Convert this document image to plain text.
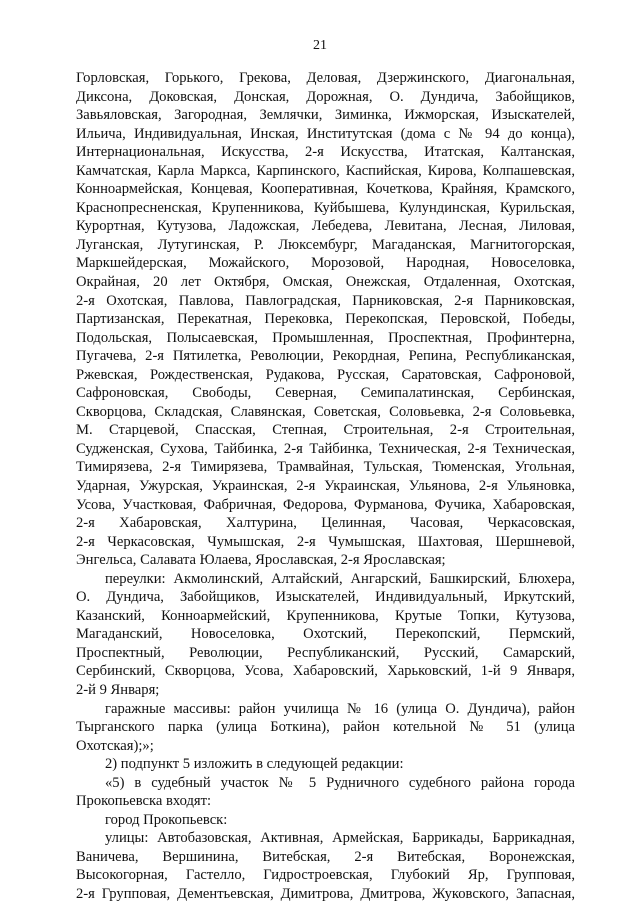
21
Горловская, Горького, Грекова, Деловая, Дзержинского, Диагональная,
Диксона, Доковская, Донская, Дорожная, О. Дундича, Забойщиков,
Завьяловская, Загородная, Землячки, Зиминка, Ижморская, Изыскателей,
Ильича, Индивидуальная, Инская, Институтская (дома с № 94 до конца),
Интернациональная, Искусства, 2-я Искусства, Итатская, Калтанская,
Камчатская, Карла Маркса, Карпинского, Каспийская, Кирова, Колпашевская,
Конноармейская, Концевая, Кооперативная, Кочеткова, Крайняя, Крамского,
Краснопресненская, Крупенникова, Куйбышева, Кулундинская, Курильская,
Курортная, Кутузова, Ладожская, Лебедева, Левитана, Лесная, Лиловая,
Луганская, Лутугинская, Р. Люксембург, Магаданская, Магнитогорская,
Маркшейдерская, Можайского, Морозовой, Народная, Новоселовка,
Окрайная, 20 лет Октября, Омская, Онежская, Отдаленная, Охотская,
2-я Охотская, Павлова, Павлоградская, Парниковская, 2-я Парниковская,
Партизанская, Перекатная, Перековка, Перекопская, Перовской, Победы,
Подольская, Полысаевская, Промышленная, Проспектная, Профинтерна,
Пугачева, 2-я Пятилетка, Революции, Рекордная, Репина, Республиканская,
Ржевская, Рождественская, Рудакова, Русская, Саратовская, Сафроновой,
Сафроновская, Свободы, Северная, Семипалатинская, Сербинская,
Скворцова, Складская, Славянская, Советская, Соловьевка, 2-я Соловьевка,
М. Старцевой, Спасская, Степная, Строительная, 2-я Строительная,
Судженская, Сухова, Тайбинка, 2-я Тайбинка, Техническая, 2-я Техническая,
Тимирязева, 2-я Тимирязева, Трамвайная, Тульская, Тюменская, Угольная,
Ударная, Ужурская, Украинская, 2-я Украинская, Ульянова, 2-я Ульяновка,
Усова, Участковая, Фабричная, Федорова, Фурманова, Фучика, Хабаровская,
2-я Хабаровская, Халтурина, Целинная, Часовая, Черкасовская,
2-я Черкасовская, Чумышская, 2-я Чумышская, Шахтовая, Шершневой,
Энгельса, Салавата Юлаева, Ярославская, 2-я Ярославская;
переулки: Акмолинский, Алтайский, Ангарский, Башкирский, Блюхера,
О. Дундича, Забойщиков, Изыскателей, Индивидуальный, Иркутский,
Казанский, Конноармейский, Крупенникова, Крутые Топки, Кутузова,
Магаданский, Новоселовка, Охотский, Перекопский, Пермский,
Проспектный, Революции, Республиканский, Русский, Самарский,
Сербинский, Скворцова, Усова, Хабаровский, Харьковский, 1-й 9 Января,
2-й 9 Января;
гаражные массивы: район училища № 16 (улица О. Дундича), район
Тырганского парка (улица Боткина), район котельной № 51 (улица
Охотская);»;
2) подпункт 5 изложить в следующей редакции:
«5) в судебный участок № 5 Рудничного судебного района города
Прокопьевска входят:
город Прокопьевск:
улицы: Автобазовская, Активная, Армейская, Баррикады, Баррикадная,
Ваничева, Вершинина, Витебская, 2-я Витебская, Воронежская,
Высокогорная, Гастелло, Гидростроевская, Глубокий Яр, Групповая,
2-я Групповая, Дементьевская, Димитрова, Дмитрова, Жуковского, Запасная,
